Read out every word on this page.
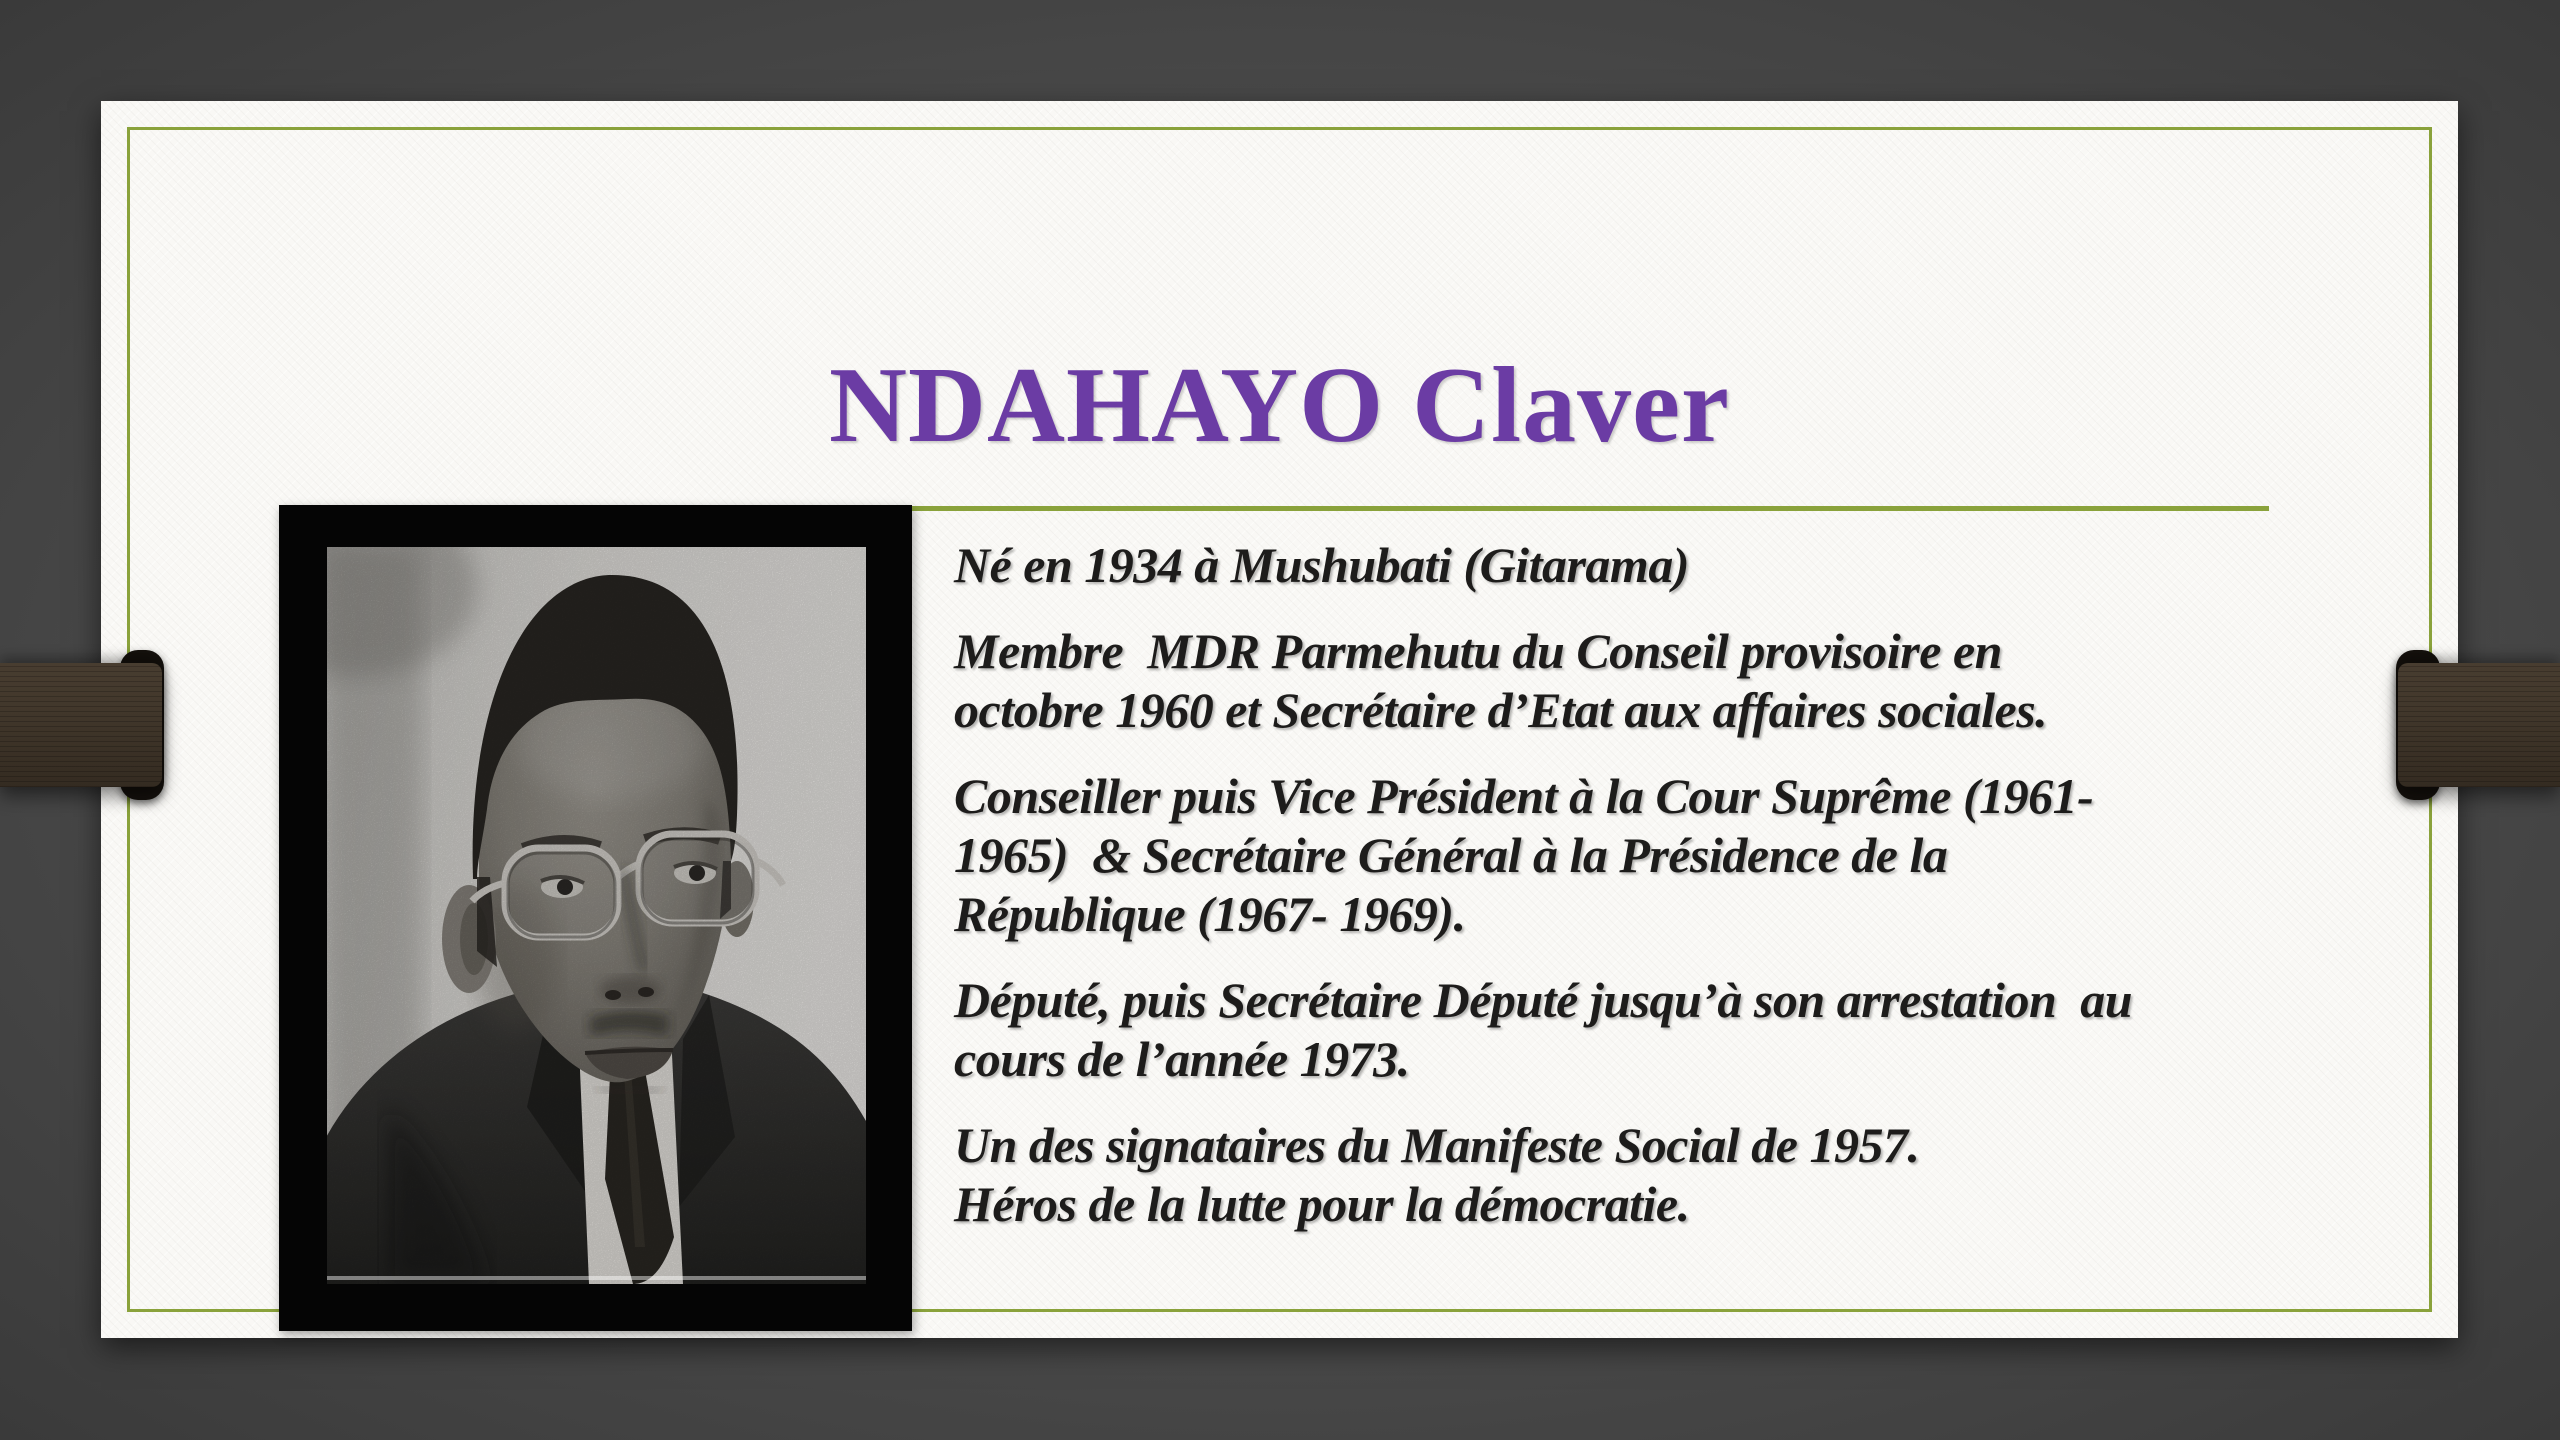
NDAHAYO Claver

Né en 1934 à Mushubati (Gitarama)

Membre  MDR Parmehutu du Conseil provisoire en
octobre 1960 et Secrétaire d’Etat aux affaires sociales.

Conseiller puis Vice Président à la Cour Suprême (1961-
1965)  & Secrétaire Général à la Présidence de la
République (1967- 1969).

Député, puis Secrétaire Député jusqu’à son arrestation  au
cours de l’année 1973.

Un des signataires du Manifeste Social de 1957.
Héros de la lutte pour la démocratie.
